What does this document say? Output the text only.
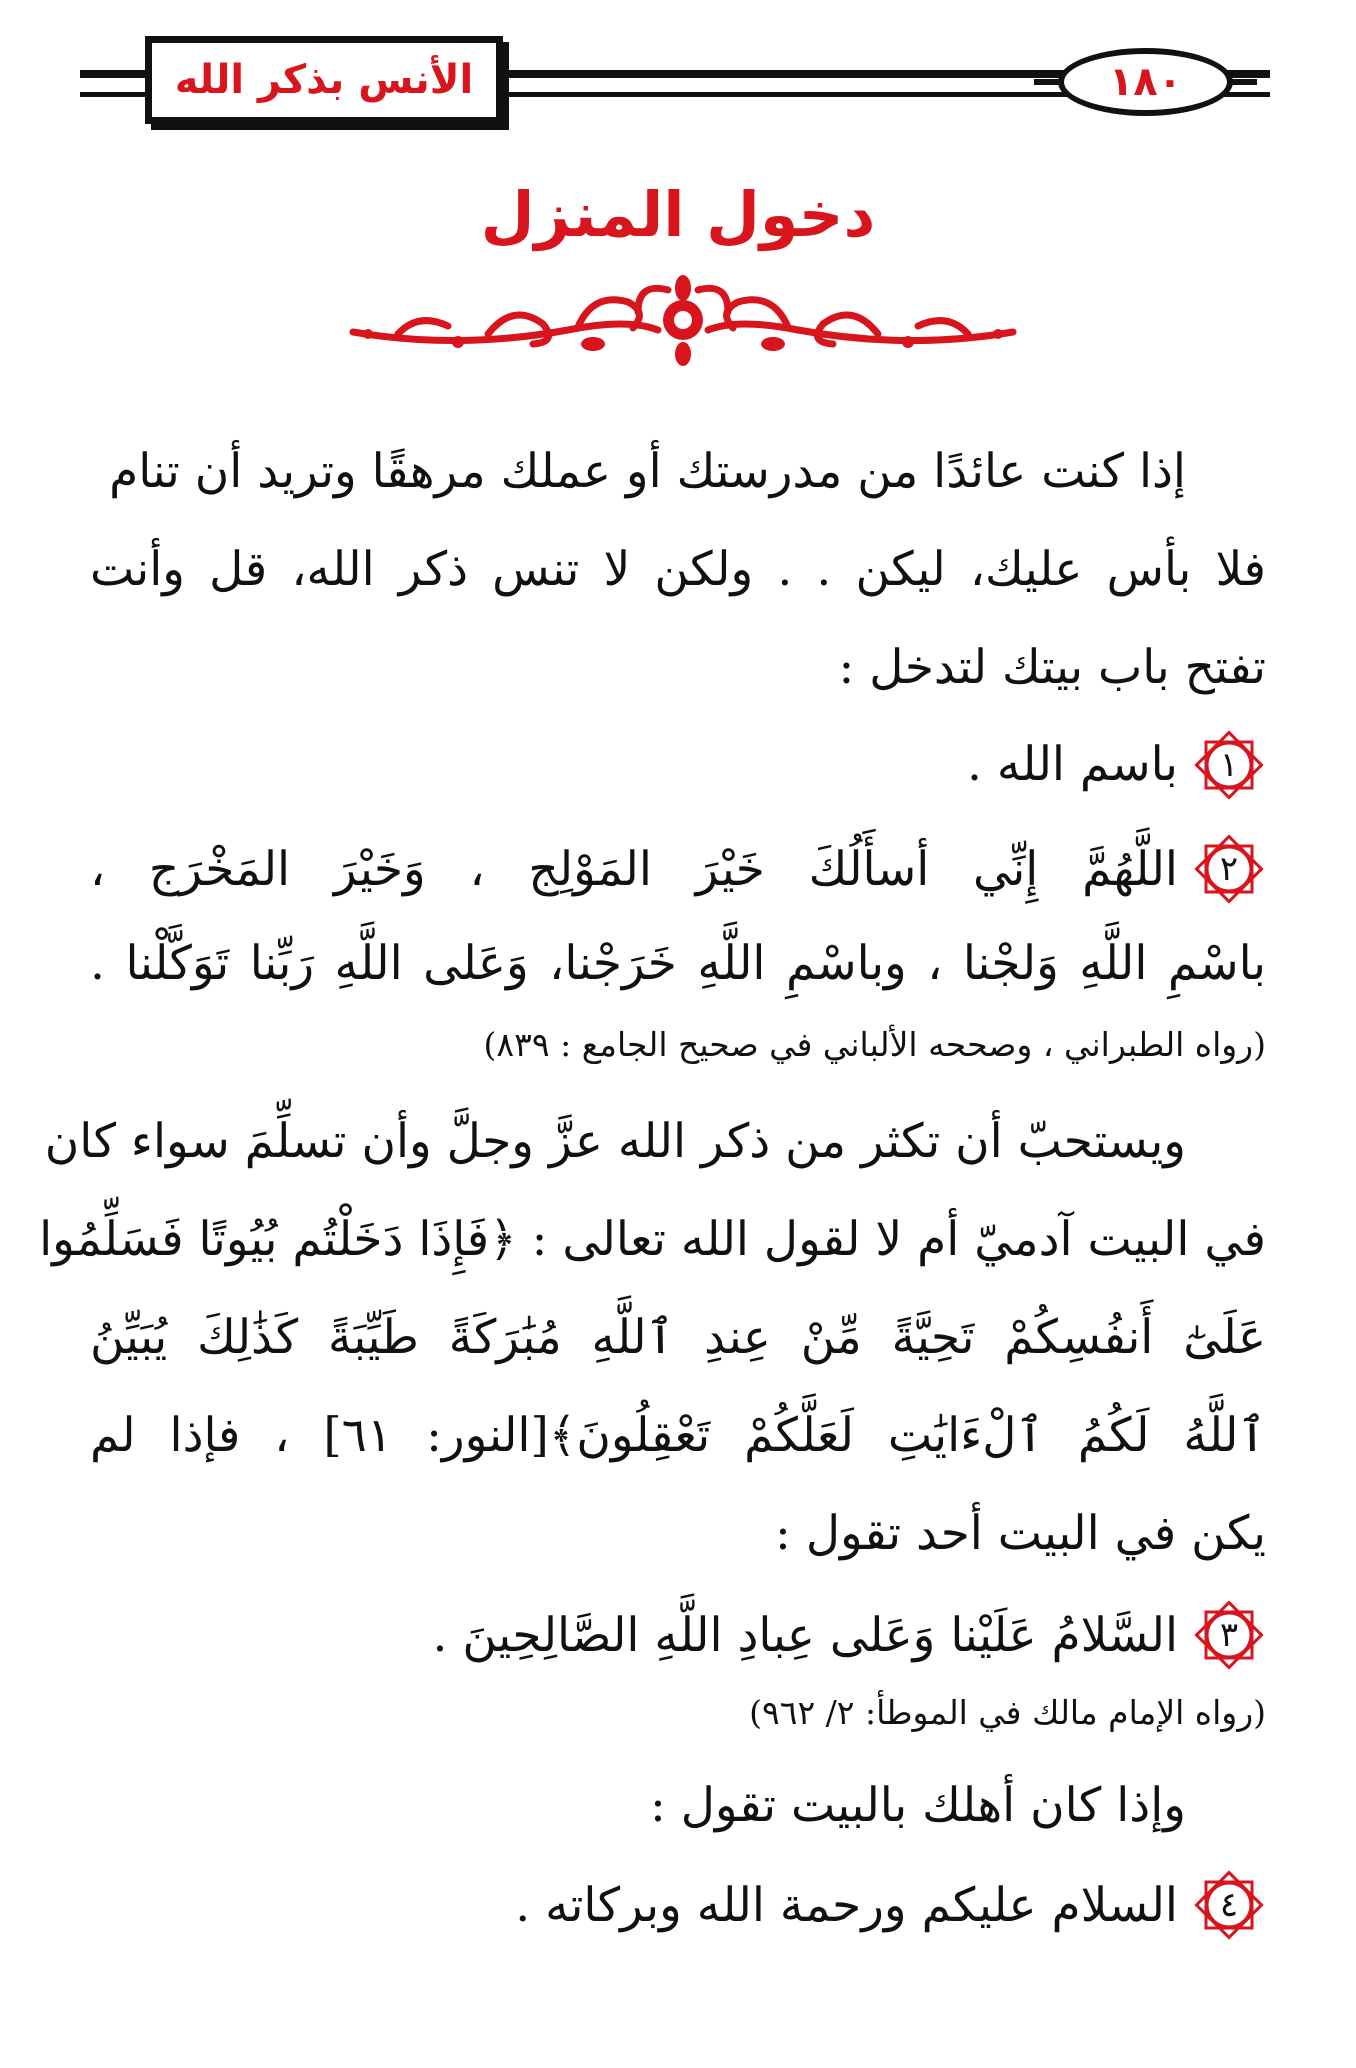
الأنس بذكر الله	١٨٠
دخول المنزل
إذا كنت عائدًا من مدرستك أو عملك مرهقًا وتريد أن تنام
فلا بأس عليك، ليكن . . ولكن لا تنس ذكر الله، قل وأنت
تفتح باب بيتك لتدخل :
١
باسم الله .
٢
اللَّهُمَّ إِنِّي أسأَلُكَ خَيْرَ المَوْلِج ، وَخَيْرَ المَخْرَج ،
باسْمِ اللَّهِ وَلجْنا ، وباسْمِ اللَّهِ خَرَجْنا، وَعَلى اللَّهِ رَبِّنا تَوَكَّلْنا .
(رواه الطبراني ، وصححه الألباني في صحيح الجامع : ٨٣٩)
ويستحبّ أن تكثر من ذكر الله عزَّ وجلَّ وأن تسلِّمَ سواء كان
في البيت آدميّ أم لا لقول الله تعالى : ﴿فَإِذَا دَخَلْتُم بُيُوتًا فَسَلِّمُوا
عَلَىٰٓ أَنفُسِكُمْ تَحِيَّةً مِّنْ عِندِ ٱللَّهِ مُبَٰرَكَةً طَيِّبَةً كَذَٰلِكَ يُبَيِّنُ
ٱللَّهُ لَكُمُ ٱلْءَايَٰتِ لَعَلَّكُمْ تَعْقِلُونَ﴾[النور: ٦١] ، فإذا لم
يكن في البيت أحد تقول :
٣
السَّلامُ عَلَيْنا وَعَلى عِبادِ اللَّهِ الصَّالِحِينَ .
(رواه الإمام مالك في الموطأ: ٢/ ٩٦٢)
وإذا كان أهلك بالبيت تقول :
٤
السلام عليكم ورحمة الله وبركاته .
